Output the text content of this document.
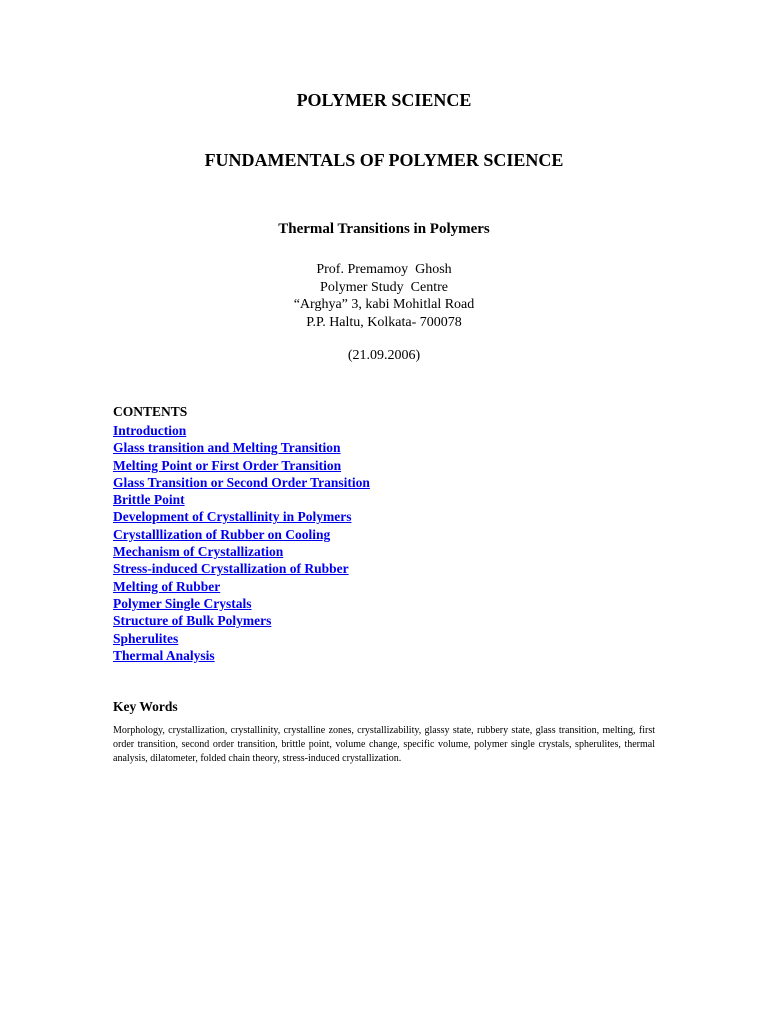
POLYMER SCIENCE
FUNDAMENTALS OF POLYMER SCIENCE
Thermal Transitions in Polymers
Prof. Premamoy  Ghosh
Polymer Study  Centre
“Arghya” 3, kabi Mohitlal Road
P.P. Haltu, Kolkata- 700078
(21.09.2006)
CONTENTS
Introduction
Glass transition and Melting Transition
Melting Point or First Order Transition
Glass Transition or Second Order Transition
Brittle Point
Development of Crystallinity in Polymers
Crystalllization of Rubber on Cooling
Mechanism of Crystallization
Stress-induced Crystallization of Rubber
Melting of Rubber
Polymer Single Crystals
Structure of Bulk Polymers
Spherulites
Thermal Analysis
Key Words
Morphology, crystallization, crystallinity, crystalline zones, crystallizability, glassy state, rubbery state, glass transition, melting, first order transition, second order transition, brittle point, volume change, specific volume, polymer single crystals, spherulites, thermal analysis, dilatometer, folded chain theory, stress-induced crystallization.
